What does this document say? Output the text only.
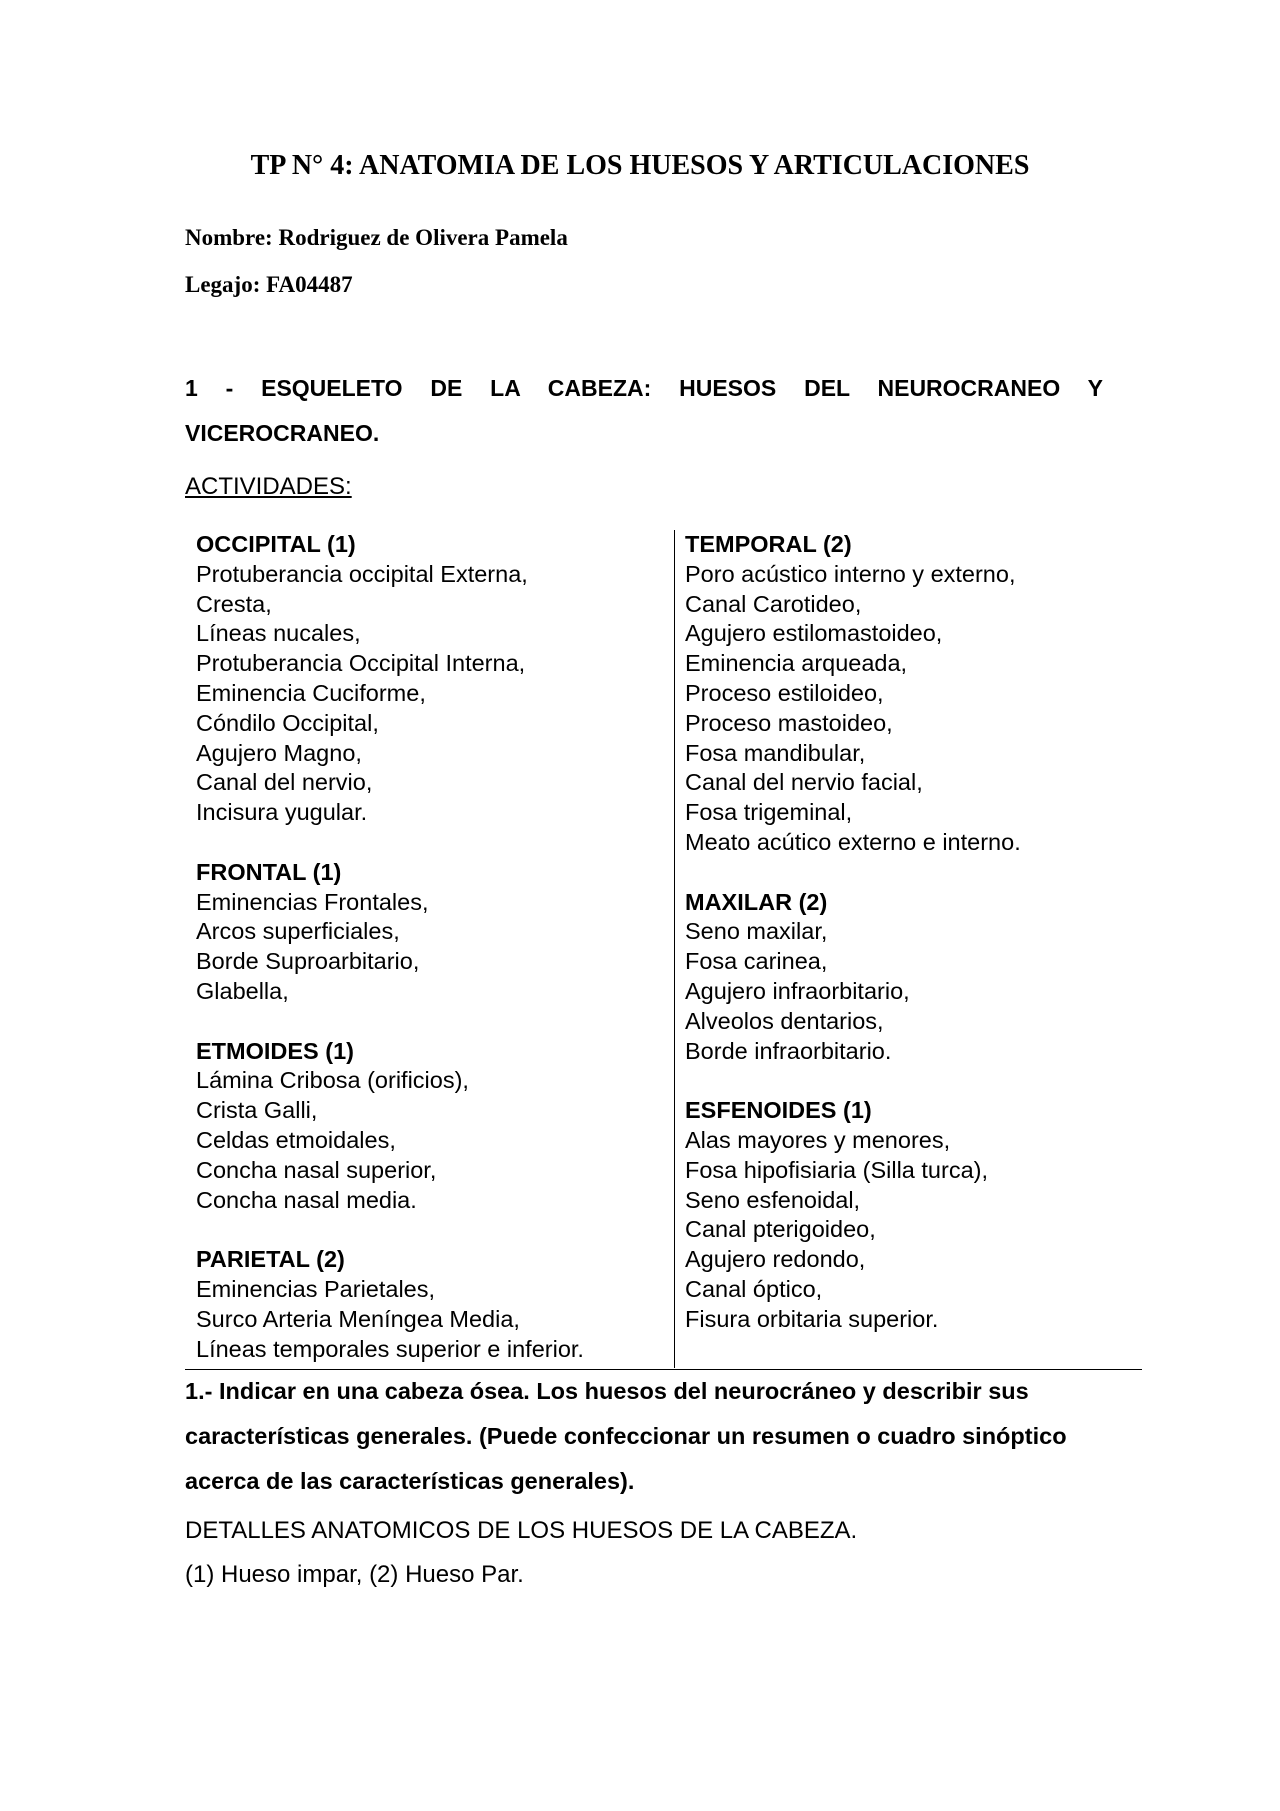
TP N° 4: ANATOMIA DE LOS HUESOS Y ARTICULACIONES

Nombre: Rodriguez de Olivera Pamela

Legajo: FA04487

1 - ESQUELETO DE LA CABEZA: HUESOS DEL NEUROCRANEO Y VICEROCRANEO.

ACTIVIDADES:

OCCIPITAL (1)
Protuberancia occipital Externa,
Cresta,
Líneas nucales,
Protuberancia Occipital Interna,
Eminencia Cuciforme,
Cóndilo Occipital,
Agujero Magno,
Canal del nervio,
Incisura yugular.
FRONTAL (1)
Eminencias Frontales,
Arcos superficiales,
Borde Suproarbitario,
Glabella,
ETMOIDES (1)
Lámina Cribosa (orificios),
Crista Galli,
Celdas etmoidales,
Concha nasal superior,
Concha nasal media.
PARIETAL (2)
Eminencias Parietales,
Surco Arteria Meníngea Media,
Líneas temporales superior e inferior.
TEMPORAL (2)
Poro acústico interno y externo,
Canal Carotideo,
Agujero estilomastoideo,
Eminencia arqueada,
Proceso estiloideo,
Proceso mastoideo,
Fosa mandibular,
Canal del nervio facial,
Fosa trigeminal,
Meato acútico externo e interno.
MAXILAR (2)
Seno maxilar,
Fosa carinea,
Agujero infraorbitario,
Alveolos dentarios,
Borde infraorbitario.
ESFENOIDES (1)
Alas mayores y menores,
Fosa hipofisiaria (Silla turca),
Seno esfenoidal,
Canal pterigoideo,
Agujero redondo,
Canal óptico,
Fisura orbitaria superior.

1.- Indicar en una cabeza ósea. Los huesos del neurocráneo y describir sus características generales. (Puede confeccionar un resumen o cuadro sinóptico acerca de las características generales).

DETALLES ANATOMICOS DE LOS HUESOS DE LA CABEZA.

(1) Hueso impar, (2) Hueso Par.
